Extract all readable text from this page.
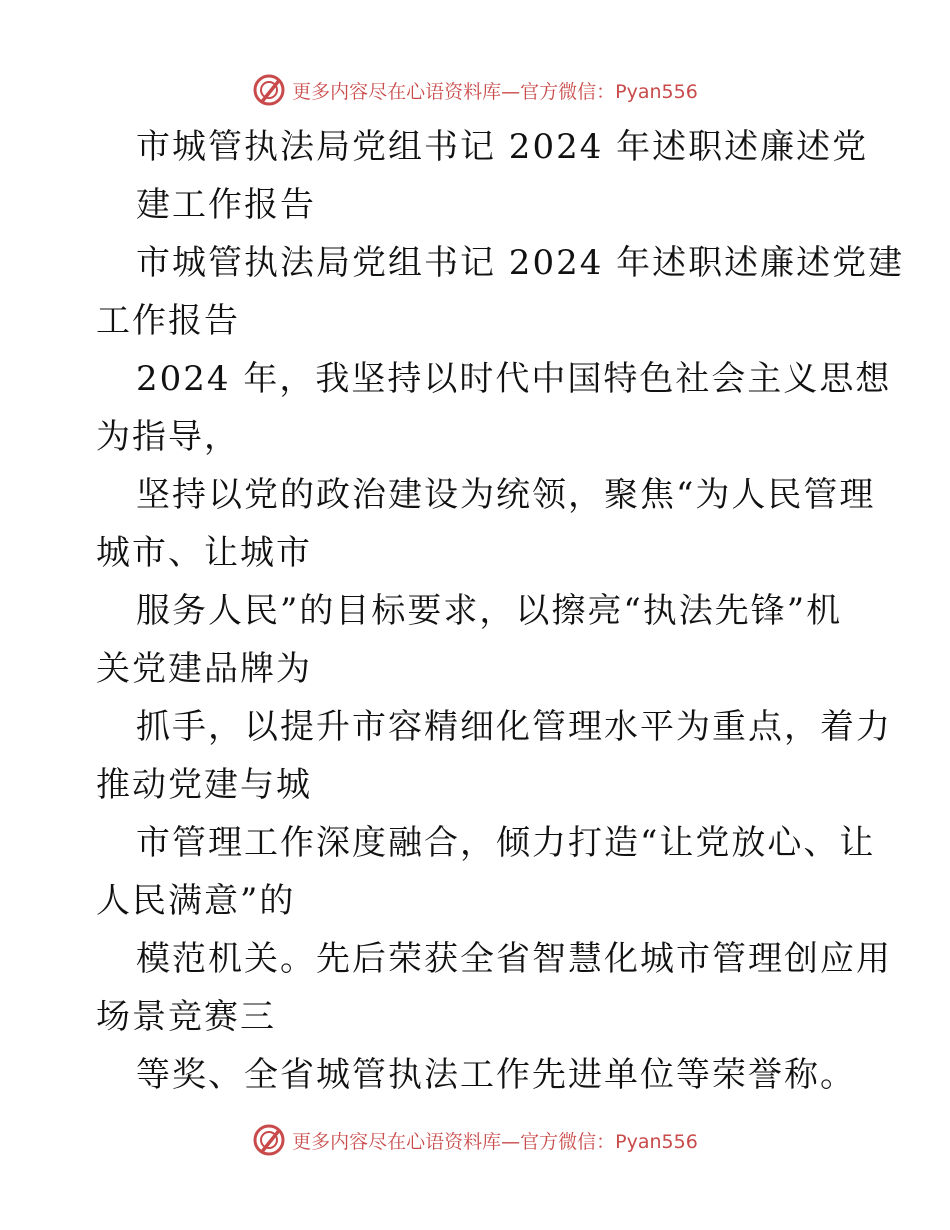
更多内容尽在心语资料库—官方微信：Pyan556
市城管执法局党组书记 2024 年述职述廉述党
建工作报告
市城管执法局党组书记 2024 年述职述廉述党建
工作报告
2024 年，我坚持以时代中国特色社会主义思想
为指导，
坚持以党的政治建设为统领，聚焦“为人民管理
城市、让城市
服务人民”的目标要求，以擦亮“执法先锋”机
关党建品牌为
抓手，以提升市容精细化管理水平为重点，着力
推动党建与城
市管理工作深度融合，倾力打造“让党放心、让
人民满意”的
模范机关。先后荣获全省智慧化城市管理创应用
场景竞赛三
等奖、全省城管执法工作先进单位等荣誉称。
更多内容尽在心语资料库—官方微信：Pyan556
